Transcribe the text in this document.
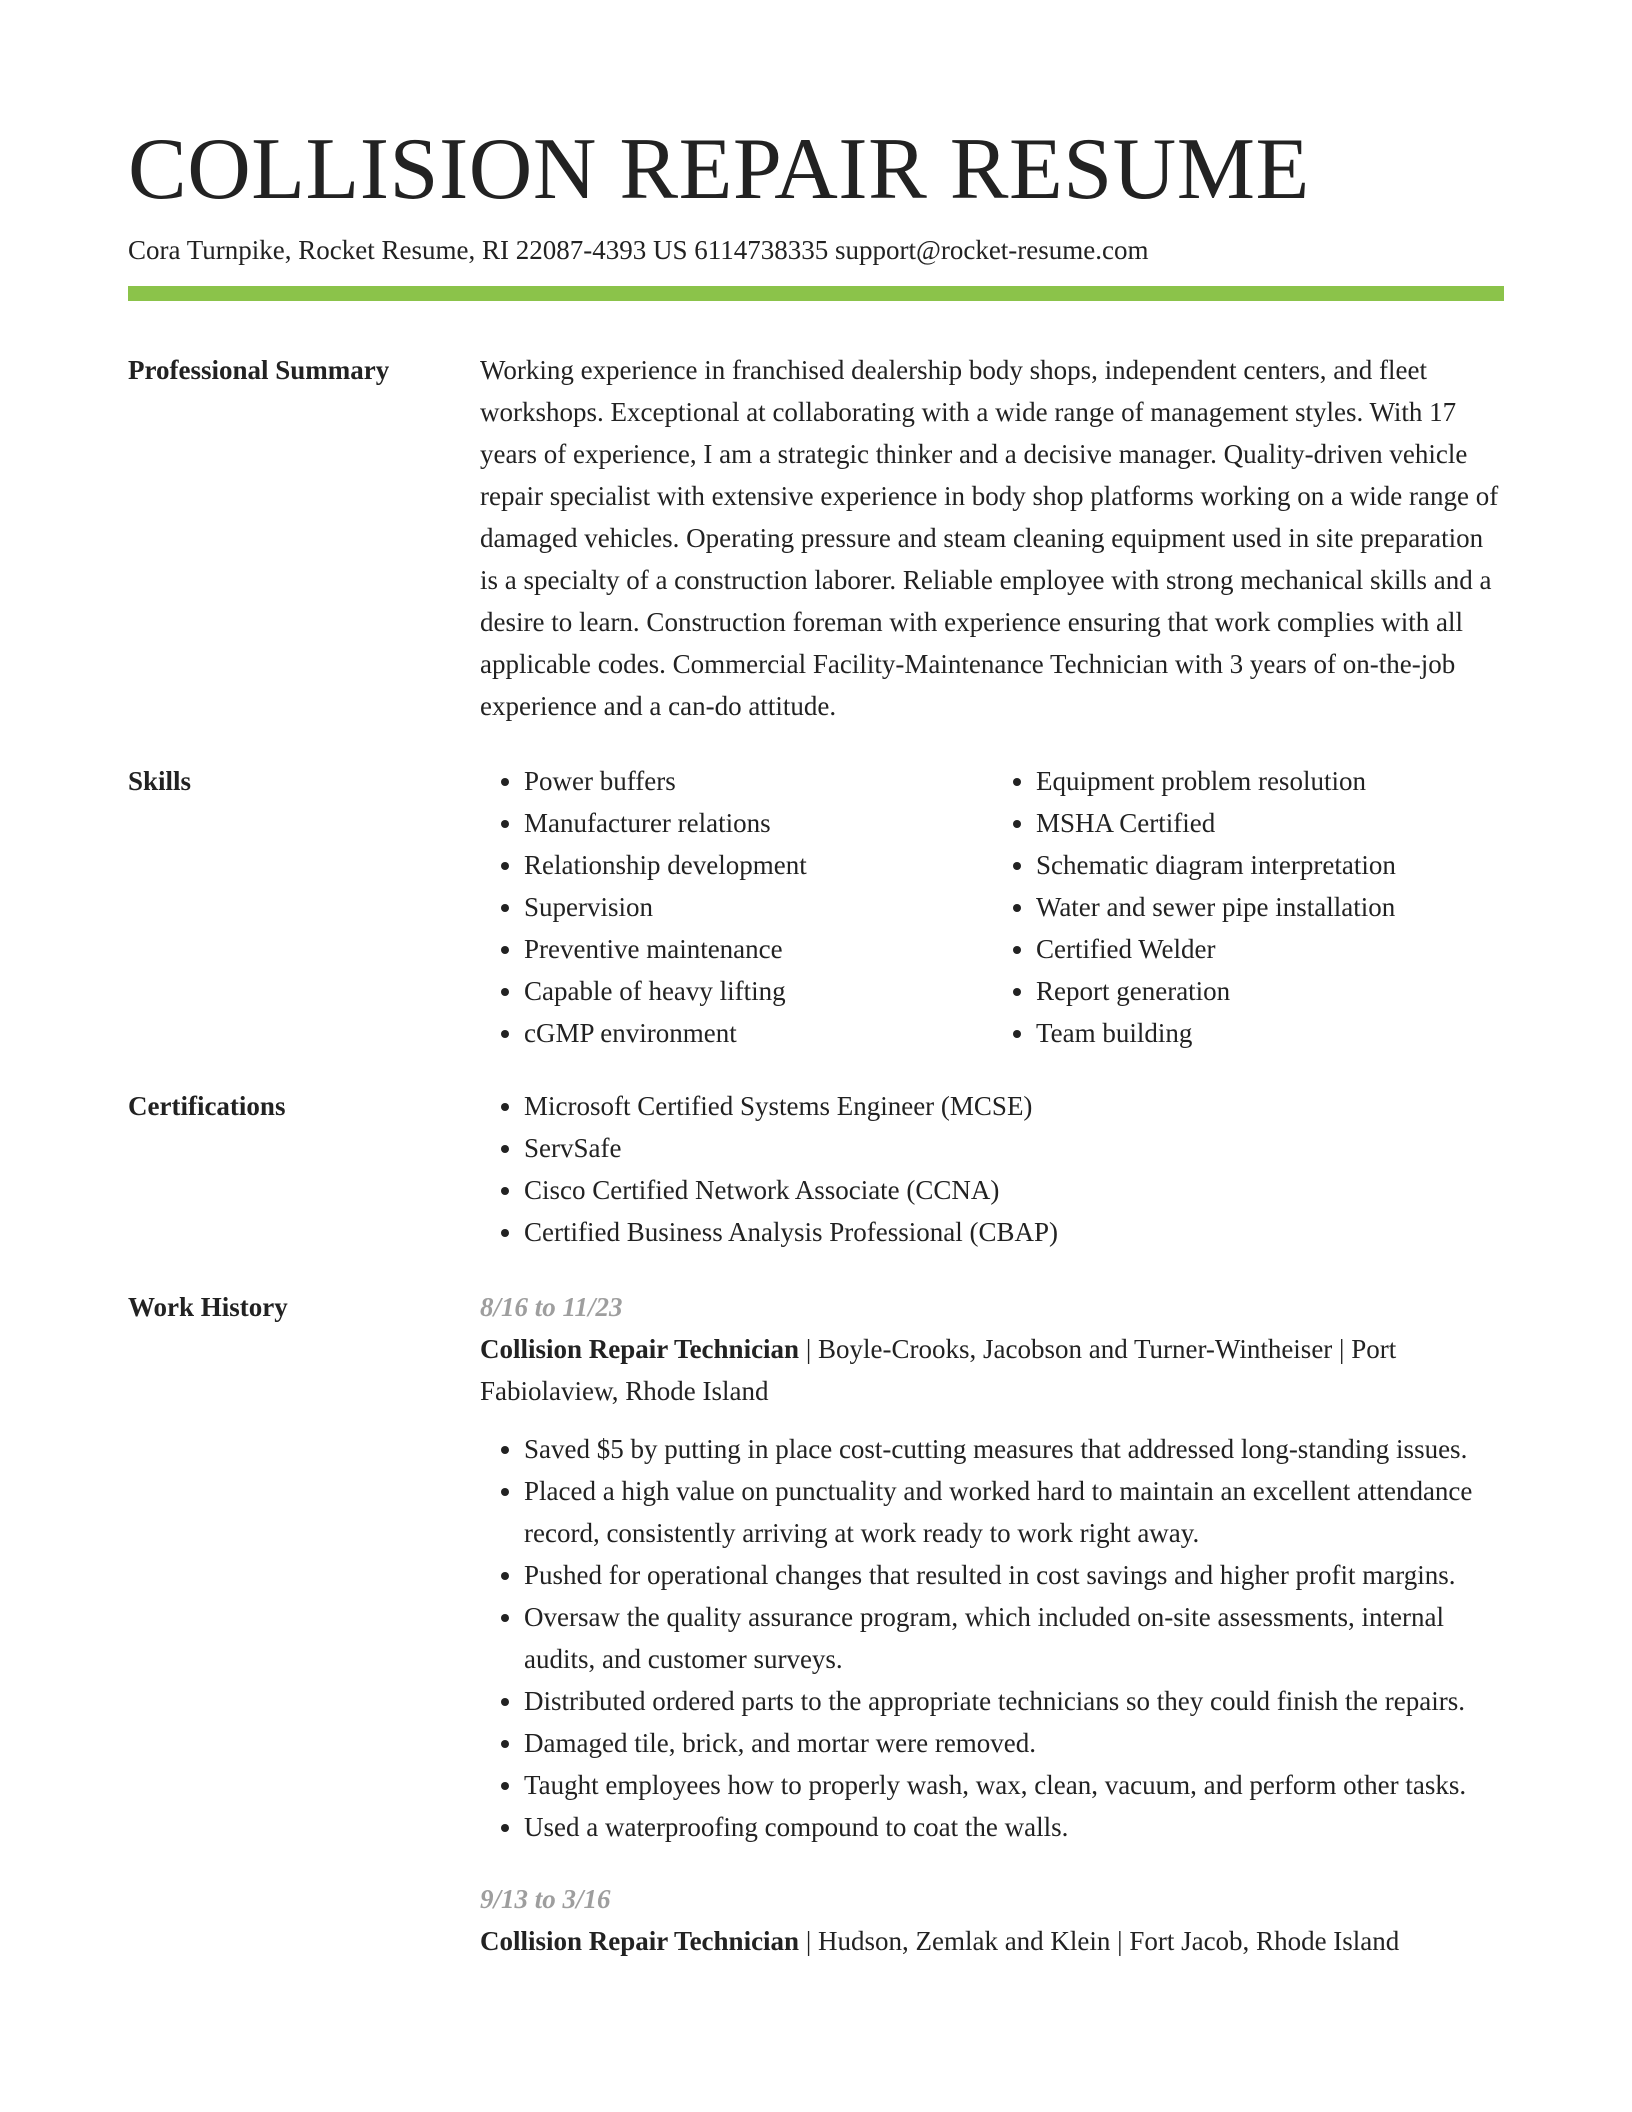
COLLISION REPAIR RESUME
Cora Turnpike, Rocket Resume, RI 22087-4393 US 6114738335 support@rocket-resume.com
Professional Summary	Working experience in franchised dealership body shops, independent centers, and fleet workshops. Exceptional at collaborating with a wide range of management styles. With 17 years of experience, I am a strategic thinker and a decisive manager. Quality-driven vehicle repair specialist with extensive experience in body shop platforms working on a wide range of damaged vehicles. Operating pressure and steam cleaning equipment used in site preparation is a specialty of a construction laborer. Reliable employee with strong mechanical skills and a desire to learn. Construction foreman with experience ensuring that work complies with all applicable codes. Commercial Facility-Maintenance Technician with 3 years of on-the-job experience and a can-do attitude.

Skills	• Power buffers
• Manufacturer relations
• Relationship development
• Supervision
• Preventive maintenance
• Capable of heavy lifting
• cGMP environment
• Equipment problem resolution
• MSHA Certified
• Schematic diagram interpretation
• Water and sewer pipe installation
• Certified Welder
• Report generation
• Team building
Certifications	• Microsoft Certified Systems Engineer (MCSE)
• ServSafe
• Cisco Certified Network Associate (CCNA)
• Certified Business Analysis Professional (CBAP)
Work History	8/16 to 11/23
Collision Repair Technician | Boyle-Crooks, Jacobson and Turner-Wintheiser | Port Fabiolaview, Rhode Island
• Saved $5 by putting in place cost-cutting measures that addressed long-standing issues.
• Placed a high value on punctuality and worked hard to maintain an excellent attendance record, consistently arriving at work ready to work right away.
• Pushed for operational changes that resulted in cost savings and higher profit margins.
• Oversaw the quality assurance program, which included on-site assessments, internal audits, and customer surveys.
• Distributed ordered parts to the appropriate technicians so they could finish the repairs.
• Damaged tile, brick, and mortar were removed.
• Taught employees how to properly wash, wax, clean, vacuum, and perform other tasks.
• Used a waterproofing compound to coat the walls.
9/13 to 3/16
Collision Repair Technician | Hudson, Zemlak and Klein | Fort Jacob, Rhode Island
